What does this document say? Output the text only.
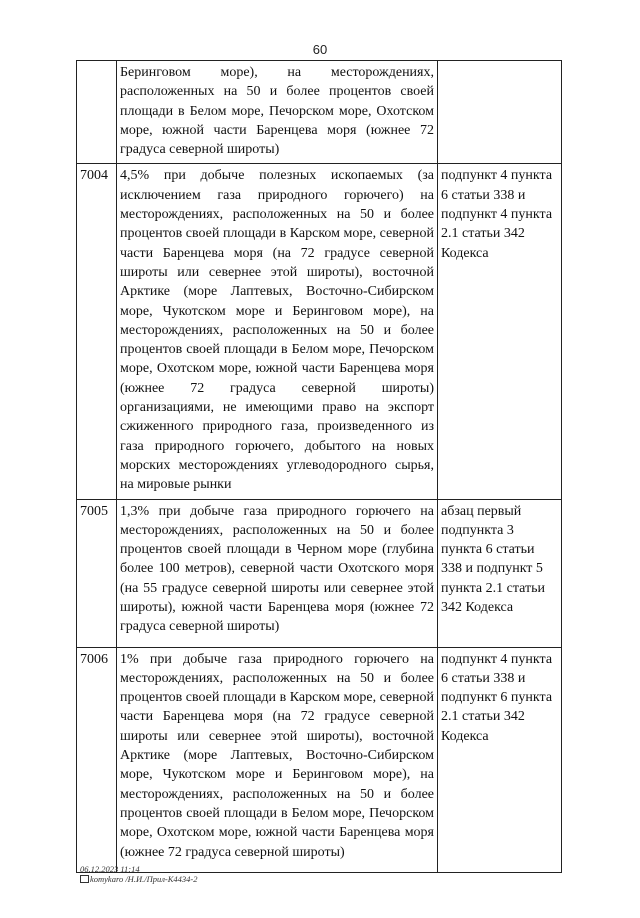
60
	Беринговом море), на месторождениях, расположенных на 50 и более процентов своей площади в Белом море, Печорском море, Охотском море, южной части Баренцева моря (южнее 72 градуса северной широты)	
7004	4,5% при добыче полезных ископаемых (за исключением газа природного горючего) на месторождениях, расположенных на 50 и более процентов своей площади в Карском море, северной части Баренцева моря (на 72 градусе северной широты или севернее этой широты), восточной Арктике (море Лаптевых, Восточно-Сибирском море, Чукотском море и Беринговом море), на месторождениях, расположенных на 50 и более процентов своей площади в Белом море, Печорском море, Охотском море, южной части Баренцева моря (южнее 72 градуса северной широты) организациями, не имеющими право на экспорт сжиженного природного газа, произведенного из газа природного горючего, добытого на новых морских месторождениях углеводородного сырья, на мировые рынки	подпункт 4 пункта 6 статьи 338 и подпункт 4 пункта 2.1 статьи 342 Кодекса
7005	1,3% при добыче газа природного горючего на месторождениях, расположенных на 50 и более процентов своей площади в Черном море (глубина более 100 метров), северной части Охотского моря (на 55 градусе северной широты или севернее этой широты), южной части Баренцева моря (южнее 72 градуса северной широты)	абзац первый подпункта 3 пункта 6 статьи 338 и подпункт 5 пункта 2.1 статьи 342 Кодекса
7006	1% при добыче газа природного горючего на месторождениях, расположенных на 50 и более процентов своей площади в Карском море, северной части Баренцева моря (на 72 градусе северной широты или севернее этой широты), восточной Арктике (море Лаптевых, Восточно-Сибирском море, Чукотском море и Беринговом море), на месторождениях, расположенных на 50 и более процентов своей площади в Белом море, Печорском море, Охотском море, южной части Баренцева моря (южнее 72 градуса северной широты)	подпункт 4 пункта 6 статьи 338 и подпункт 6 пункта 2.1 статьи 342 Кодекса
06.12.2023 11:14
komykaro /Н.И./Прил-К4434-2
